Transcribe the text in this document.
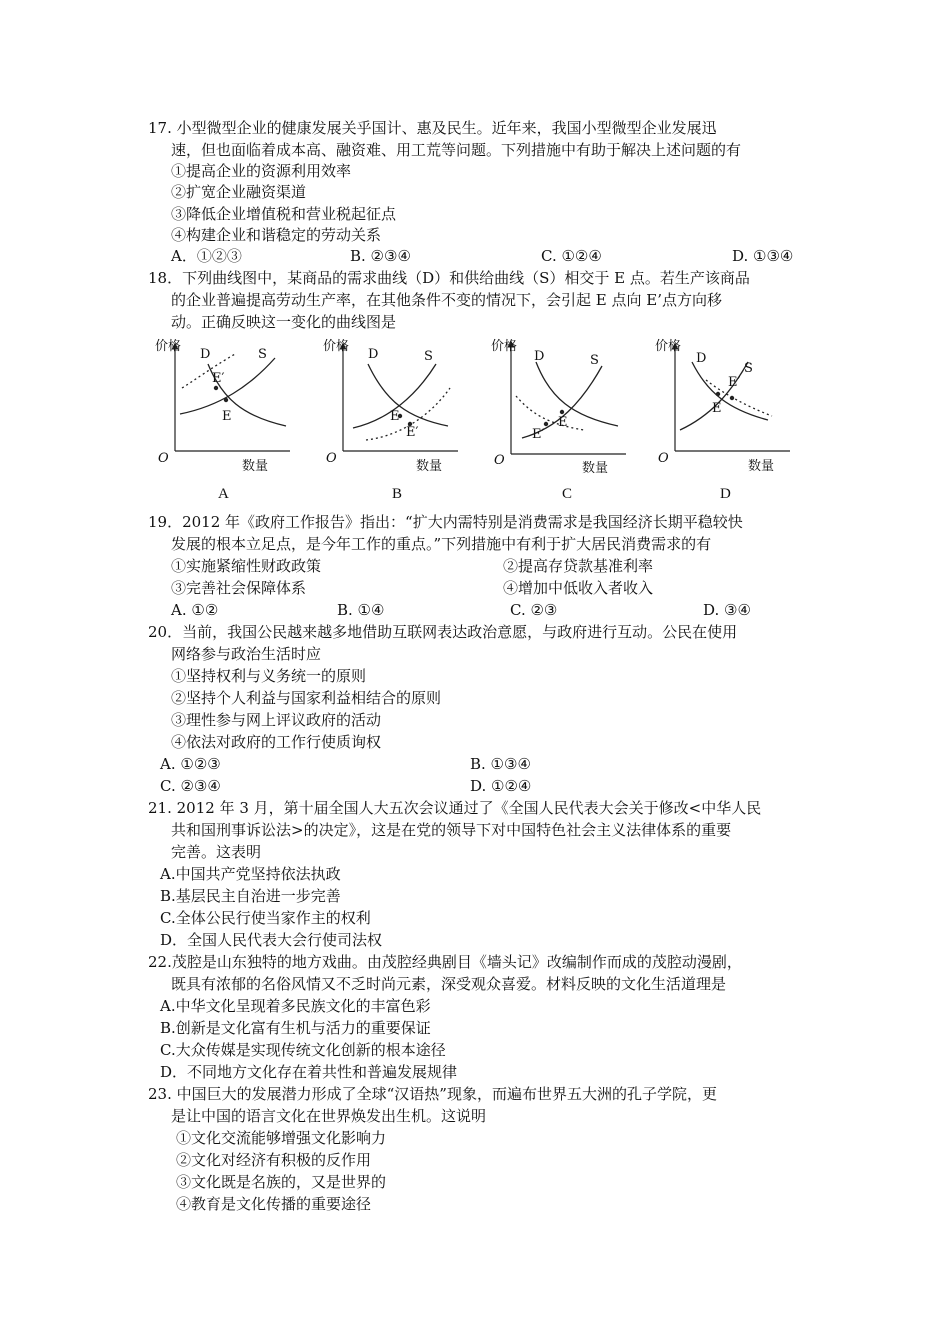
17. 小型微型企业的健康发展关乎国计、惠及民生。近年来，我国小型微型企业发展迅
速，但也面临着成本高、融资难、用工荒等问题。下列措施中有助于解决上述问题的有
①提高企业的资源利用效率
②扩宽企业融资渠道
③降低企业增值税和营业税起征点
④构建企业和谐稳定的劳动关系
A．①②③	B. ②③④	C. ①②④	D. ①③④
18．下列曲线图中，某商品的需求曲线（D）和供给曲线（S）相交于 E 点。若生产该商品
的企业普遍提高劳动生产率，在其他条件不变的情况下，会引起 E 点向 E’点方向移
动。正确反映这一变化的曲线图是
价格
D	S
E′
E
O
数量
A
价格
D	S
E
E′
O
数量
B
价格
D	S
E
E′
O
数量
C
价格
D
S
E′
E
O
数量
D
19．2012 年《政府工作报告》指出：“扩大内需特别是消费需求是我国经济长期平稳较快
发展的根本立足点，是今年工作的重点。”下列措施中有利于扩大居民消费需求的有
①实施紧缩性财政政策	②提高存贷款基准利率
③完善社会保障体系	④增加中低收入者收入
A. ①②	B. ①④	C. ②③	D. ③④
20．当前，我国公民越来越多地借助互联网表达政治意愿，与政府进行互动。公民在使用
网络参与政治生活时应
①坚持权利与义务统一的原则
②坚持个人利益与国家利益相结合的原则
③理性参与网上评议政府的活动
④依法对政府的工作行使质询权
A. ①②③	B. ①③④
C. ②③④	D. ①②④
21. 2012 年 3 月，第十届全国人大五次会议通过了《全国人民代表大会关于修改<中华人民
共和国刑事诉讼法>的决定》，这是在党的领导下对中国特色社会主义法律体系的重要
完善。这表明
A.中国共产党坚持依法执政
B.基层民主自治进一步完善
C.全体公民行使当家作主的权利
D．全国人民代表大会行使司法权
22.茂腔是山东独特的地方戏曲。由茂腔经典剧目《墙头记》改编制作而成的茂腔动漫剧，
既具有浓郁的名俗风情又不乏时尚元素，深受观众喜爱。材料反映的文化生活道理是
A.中华文化呈现着多民族文化的丰富色彩
B.创新是文化富有生机与活力的重要保证
C.大众传媒是实现传统文化创新的根本途径
D．不同地方文化存在着共性和普遍发展规律
23. 中国巨大的发展潜力形成了全球“汉语热”现象，而遍布世界五大洲的孔子学院，更
是让中国的语言文化在世界焕发出生机。这说明
①文化交流能够增强文化影响力
②文化对经济有积极的反作用
③文化既是名族的，又是世界的
④教育是文化传播的重要途径
